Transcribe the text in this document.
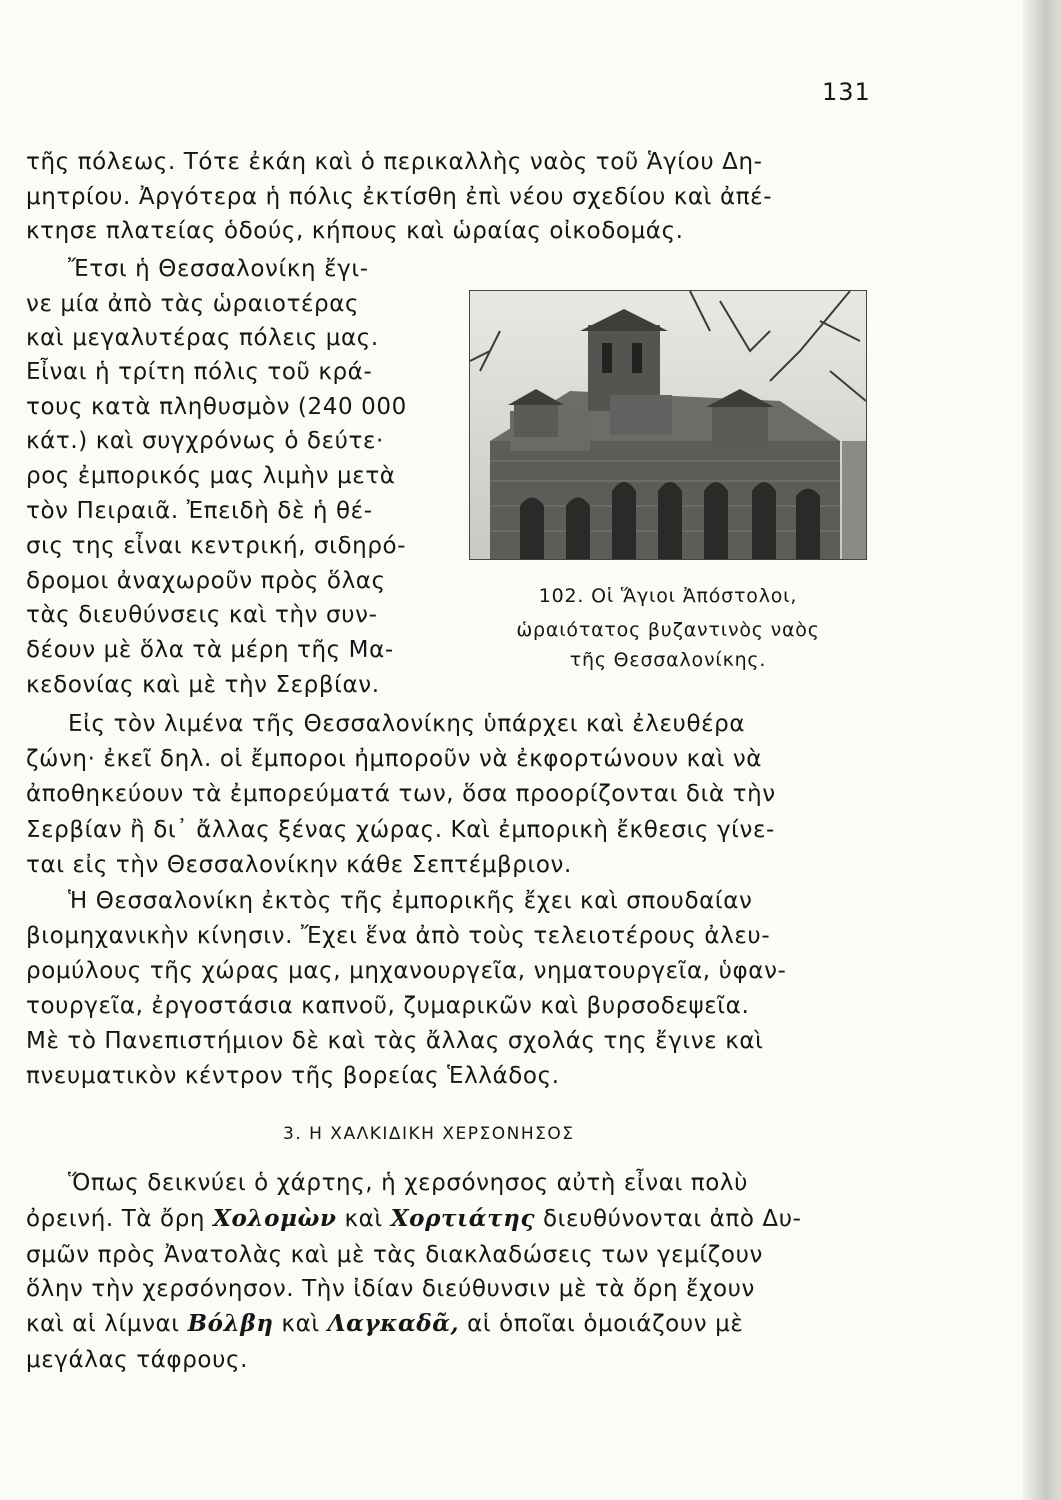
131
τῆς πόλεως. Τότε ἐκάη καὶ ὁ περικαλλὴς ναὸς τοῦ Ἁγίου Δη-
μητρίου. Ἀργότερα ἡ πόλις ἐκτίσθη ἐπὶ νέου σχεδίου καὶ ἀπέ-
κτησε πλατείας ὁδούς, κήπους καὶ ὡραίας οἰκοδομάς.
Ἔτσι ἡ Θεσσαλονίκη ἔγι-
νε μία ἀπὸ τὰς ὡραιοτέρας
καὶ μεγαλυτέρας πόλεις μας.
Εἶναι ἡ τρίτη πόλις τοῦ κρά-
τους κατὰ πληθυσμὸν (240 000
κάτ.) καὶ συγχρόνως ὁ δεύτε·
ρος ἐμπορικός μας λιμὴν μετὰ
τὸν Πειραιᾶ. Ἐπειδὴ δὲ ἡ θέ-
σις της εἶναι κεντρική, σιδηρό-
δρομοι ἀναχωροῦν πρὸς ὅλας
τὰς διευθύνσεις καὶ τὴν συν-
δέουν μὲ ὅλα τὰ μέρη τῆς Μα-
κεδονίας καὶ μὲ τὴν Σερβίαν.
102. Οἱ Ἅγιοι Ἀπόστολοι,
ὡραιότατος βυζαντινὸς ναὸς
τῆς Θεσσαλονίκης.
Εἰς τὸν λιμένα τῆς Θεσσαλονίκης ὑπάρχει καὶ ἐλευθέρα
ζώνη· ἐκεῖ δηλ. οἱ ἔμποροι ἠμποροῦν νὰ ἐκφορτώνουν καὶ νὰ
ἀποθηκεύουν τὰ ἐμπορεύματά των, ὅσα προορίζονται διὰ τὴν
Σερβίαν ἢ δι᾿ ἄλλας ξένας χώρας. Καὶ ἐμπορικὴ ἔκθεσις γίνε-
ται εἰς τὴν Θεσσαλονίκην κάθε Σεπτέμβριον.
Ἡ Θεσσαλονίκη ἐκτὸς τῆς ἐμπορικῆς ἔχει καὶ σπουδαίαν
βιομηχανικὴν κίνησιν. Ἔχει ἕνα ἀπὸ τοὺς τελειοτέρους ἀλευ-
ρομύλους τῆς χώρας μας, μηχανουργεῖα, νηματουργεῖα, ὑφαν-
τουργεῖα, ἐργοστάσια καπνοῦ, ζυμαρικῶν καὶ βυρσοδεψεῖα.
Μὲ τὸ Πανεπιστήμιον δὲ καὶ τὰς ἄλλας σχολάς της ἔγινε καὶ
πνευματικὸν κέντρον τῆς βορείας Ἑλλάδος.
3. Η ΧΑΛΚΙΔΙΚΗ ΧΕΡΣΟΝΗΣΟΣ
Ὅπως δεικνύει ὁ χάρτης, ἡ χερσόνησος αὐτὴ εἶναι πολὺ
ὀρεινή. Τὰ ὄρη Χολομὼν καὶ Χορτιάτης διευθύνονται ἀπὸ Δυ-
σμῶν πρὸς Ἀνατολὰς καὶ μὲ τὰς διακλαδώσεις των γεμίζουν
ὅλην τὴν χερσόνησον. Τὴν ἰδίαν διεύθυνσιν μὲ τὰ ὄρη ἔχουν
καὶ αἱ λίμναι Βόλβη καὶ Λαγκαδᾶ, αἱ ὁποῖαι ὁμοιάζουν μὲ
μεγάλας τάφρους.
